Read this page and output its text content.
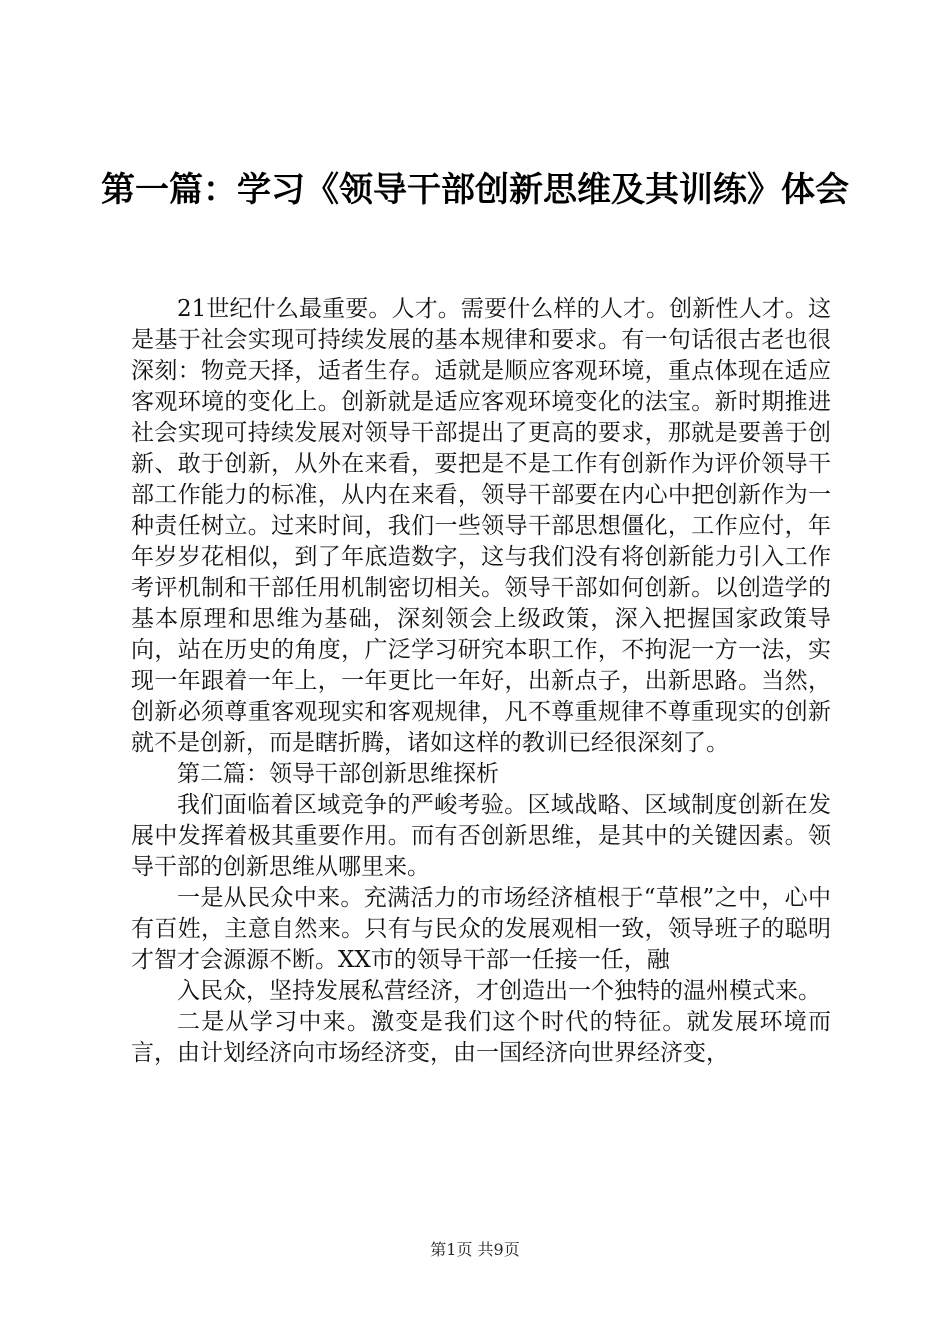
第一篇：学习《领导干部创新思维及其训练》体会

21世纪什么最重要。人才。需要什么样的人才。创新性人才。这是基于社会实现可持续发展的基本规律和要求。有一句话很古老也很深刻：物竞天择，适者生存。适就是顺应客观环境，重点体现在适应客观环境的变化上。创新就是适应客观环境变化的法宝。新时期推进社会实现可持续发展对领导干部提出了更高的要求，那就是要善于创新、敢于创新，从外在来看，要把是不是工作有创新作为评价领导干部工作能力的标准，从内在来看，领导干部要在内心中把创新作为一种责任树立。过来时间，我们一些领导干部思想僵化，工作应付，年年岁岁花相似，到了年底造数字，这与我们没有将创新能力引入工作考评机制和干部任用机制密切相关。领导干部如何创新。以创造学的基本原理和思维为基础，深刻领会上级政策，深入把握国家政策导向，站在历史的角度，广泛学习研究本职工作，不拘泥一方一法，实现一年跟着一年上，一年更比一年好，出新点子，出新思路。当然，创新必须尊重客观现实和客观规律，凡不尊重规律不尊重现实的创新就不是创新，而是瞎折腾，诸如这样的教训已经很深刻了。

第二篇：领导干部创新思维探析

我们面临着区域竞争的严峻考验。区域战略、区域制度创新在发展中发挥着极其重要作用。而有否创新思维，是其中的关键因素。领导干部的创新思维从哪里来。

一是从民众中来。充满活力的市场经济植根于“草根”之中，心中有百姓，主意自然来。只有与民众的发展观相一致，领导班子的聪明才智才会源源不断。XX市的领导干部一任接一任，融

入民众，坚持发展私营经济，才创造出一个独特的温州模式来。

二是从学习中来。激变是我们这个时代的特征。就发展环境而言，由计划经济向市场经济变，由一国经济向世界经济变，

第1页 共9页
